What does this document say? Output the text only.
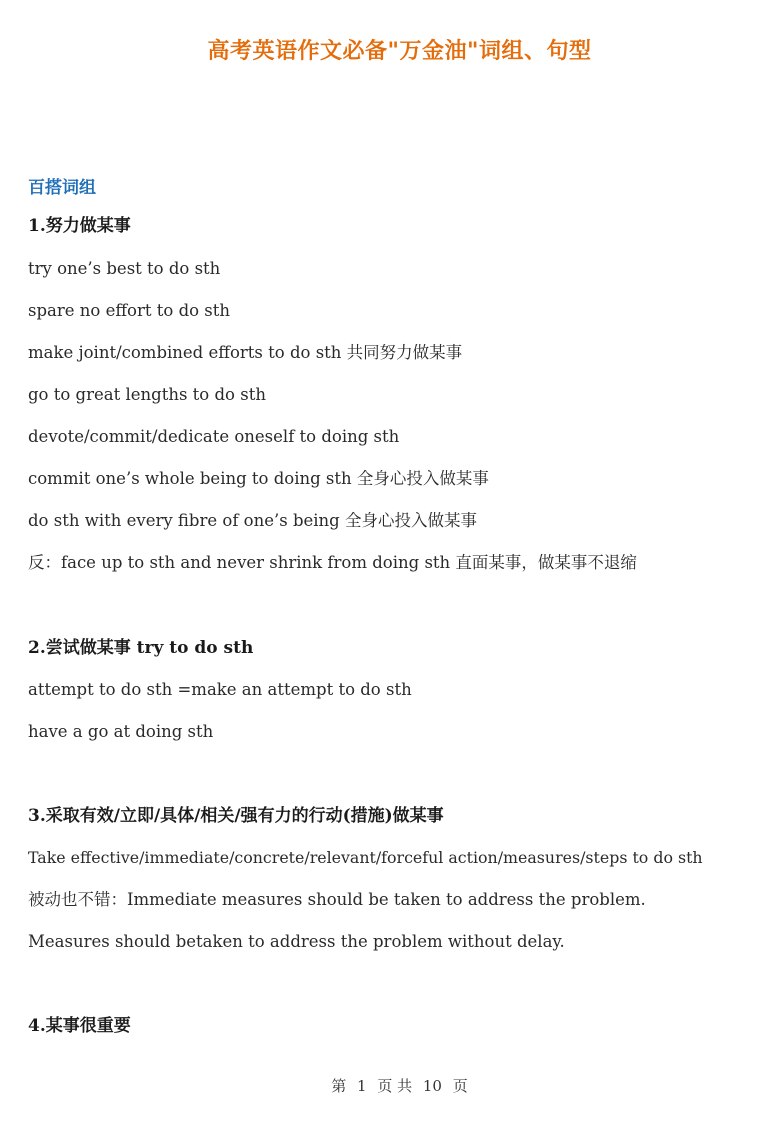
高考英语作文必备"万金油"词组、句型
百搭词组
1.努力做某事
try one’s best to do sth
spare no effort to do sth
make joint/combined efforts to do sth 共同努力做某事
go to great lengths to do sth
devote/commit/dedicate oneself to doing sth
commit one’s whole being to doing sth 全身心投入做某事
do sth with every fibre of one’s being 全身心投入做某事
反：face up to sth and never shrink from doing sth 直面某事，做某事不退缩
2.尝试做某事 try to do sth
attempt to do sth =make an attempt to do sth
have a go at doing sth
3.采取有效/立即/具体/相关/强有力的行动(措施)做某事
Take effective/immediate/concrete/relevant/forceful action/measures/steps to do sth
被动也不错：Immediate measures should be taken to address the problem.
Measures should betaken to address the problem without delay.
4.某事很重要
第 1 页 共 10 页
